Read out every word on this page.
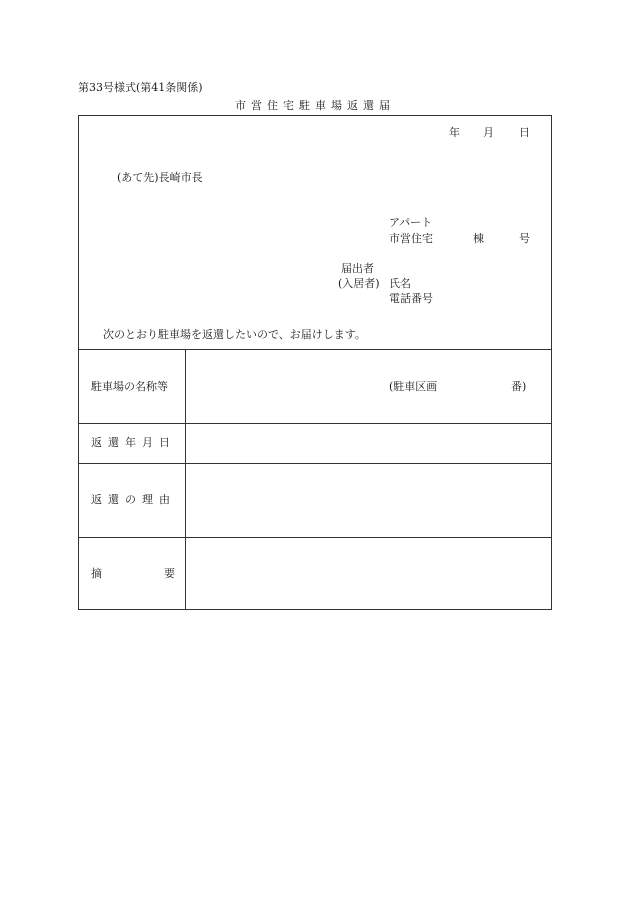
第33号様式(第41条関係)
市営住宅駐車場返還届
年 月 日
(あて先)長崎市長
アパート
市営住宅	棟	号
届出者
(入居者) 氏名
電話番号
次のとおり駐車場を返還したいので、お届けします。
駐車場の名称等	(駐車区画	番)
返還年月日
返還の理由
摘	要
